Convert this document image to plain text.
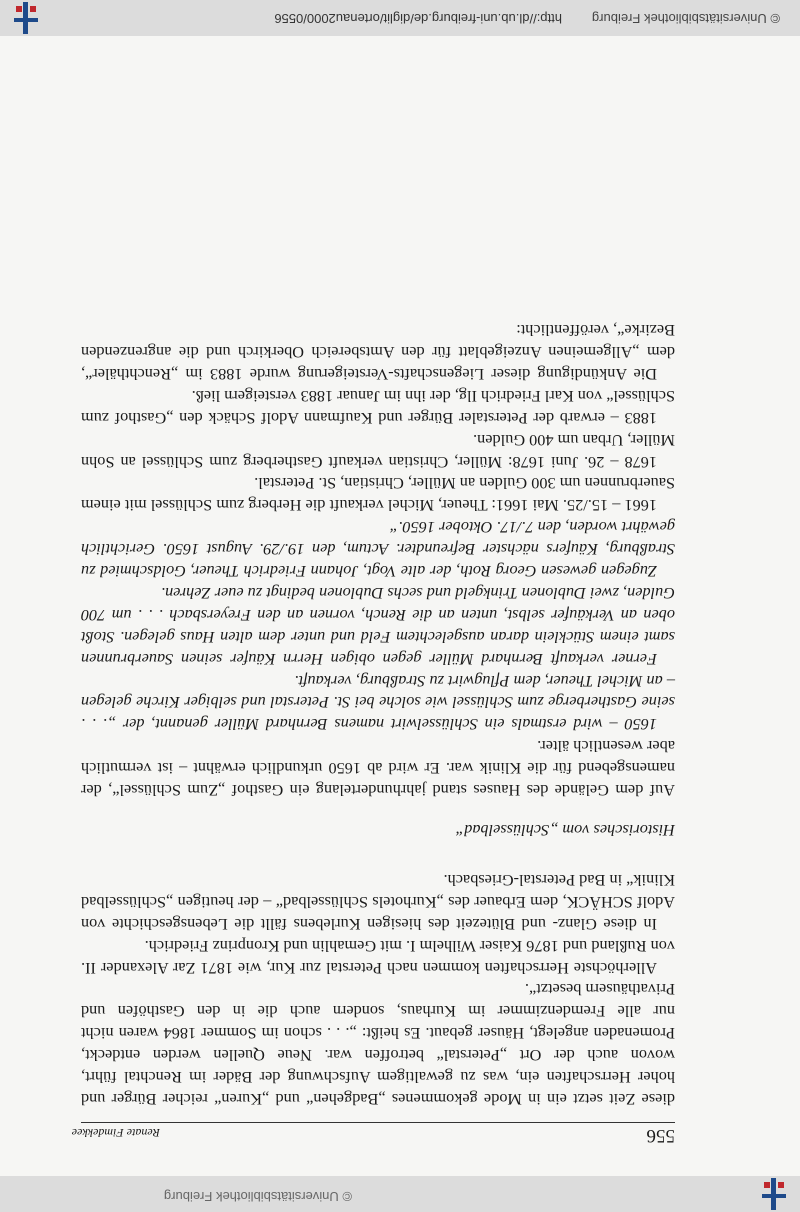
© Universitätsbibliothek Freiburg
556
Renate Fimdekkee

diese Zeit setzt ein in Mode gekommenes „Badgehen“ und „Kuren“ reicher Bürger und hoher Herrschaften ein, was zu gewaltigem Aufschwung der Bäder im Renchtal führt, wovon auch der Ort „Peterstal“ betroffen war. Neue Quellen werden entdeckt, Promenaden angelegt, Häuser gebaut. Es heißt: „. . . schon im Sommer 1864 waren nicht nur alle Fremdenzimmer im Kurhaus, sondern auch die in den Gasthöfen und Privathäusern besetzt“.

Allerhöchste Herrschaften kommen nach Peterstal zur Kur, wie 1871 Zar Alexander II. von Rußland und 1876 Kaiser Wilhelm I. mit Gemahlin und Kronprinz Friedrich.

In diese Glanz- und Blütezeit des hiesigen Kurlebens fällt die Lebensgeschichte von Adolf SCHÄCK, dem Erbauer des „Kurhotels Schlüsselbad“ – der heutigen „Schlüsselbad Klinik“ in Bad Peterstal-Griesbach.

Historisches vom „Schlüsselbad“

Auf dem Gelände des Hauses stand jahrhundertelang ein Gasthof „Zum Schlüssel“, der namensgebend für die Klinik war. Er wird ab 1650 urkundlich erwähnt – ist vermutlich aber wesentlich älter.

1650 – wird erstmals ein Schlüsselwirt namens Bernhard Müller genannt, der „. . . seine Gastherberge zum Schlüssel wie solche bei St. Peterstal und selbiger Kirche gelegen – an Michel Theuer, dem Pflugwirt zu Straßburg, verkauft.

Ferner verkauft Bernhard Müller gegen obigen Herrn Käufer seinen Sauerbrunnen samt einem Stücklein daran ausgelechtem Feld und unter dem alten Haus gelegen. Stoßt oben an Verkäufer selbst, unten an die Rench, vornen an den Freyersbach . . . um 700 Gulden, zwei Dublonen Trinkgeld und sechs Dublonen bedingt zu euer Zehren.

Zugegen gewesen Georg Roth, der alte Vogt, Johann Friedrich Theuer, Goldschmied zu Straßburg, Käufers nächster Befreundter. Actum, den 19./29. August 1650. Gerichtlich gewährt worden, den 7./17. Oktober 1650.“

1661 – 15./25. Mai 1661: Theuer, Michel verkauft die Herberg zum Schlüssel mit einem Sauerbrunnen um 300 Gulden an Müller, Christian, St. Peterstal.

1678 – 26. Juni 1678: Müller, Christian verkauft Gastherberg zum Schlüssel an Sohn Müller, Urban um 400 Gulden.

1883 – erwarb der Peterstaler Bürger und Kaufmann Adolf Schäck den „Gasthof zum Schlüssel“ von Karl Friedrich Ilg, der ihn im Januar 1883 versteigern ließ.

Die Ankündigung dieser Liegenschafts-Versteigerung wurde 1883 im „Renchthäler“, dem „Allgemeinen Anzeigeblatt für den Amtsbereich Oberkirch und die angrenzenden Bezirke“, veröffentlicht:

© Universitätsbibliothek Freiburg
http://dl.ub.uni-freiburg.de/diglit/ortenau2000/0556
